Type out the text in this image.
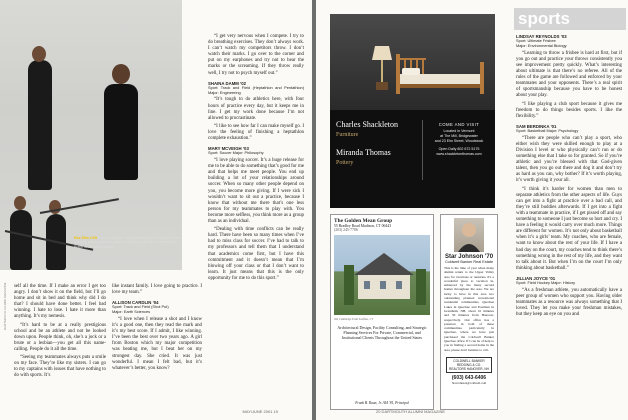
Rae Ellis Clift “I love my team,” says softball pitcher Sarah Damm (above), shown with star pitcher Allison Cardlin and rowers Jillian Butler and Sarah London.

self all the time. If I make an error I get too angry. I don’t show it on the field, but I’ll go home and sit in bed and think why did I do that? I should have done better. I feel bad winning. I hate to lose. I hate it more than anything. It’s my nemesis.

“It’s hard to be at a really prestigious school and be an athlete and not be looked down upon. People think, oh, she’s a jock or a brute or a lesbian—you get all this name-calling. People do it all the time.

“Seeing my teammates always puts a smile on my face. They’re like my sisters. I can go to my captains with issues that have nothing to do with sports. It’s

like instant family. I love going to practice. I love my team.”

ALLISON CARDLIN ’04
Sport: Track and Field (Shot Put)
Major: Earth Sciences

“I love when I release a shot and I know it’s a good one, then they read the mark and it’s my best score. If I admit, I like winning. I’ve been the best over two years ago. A girl from Boston which my major competition was beating me, but I beat her on my strongest day. She cried. It was just wonderful. I mean I felt bad, but it’s whatever’s better, you know?

“I get very nervous when I compete. I try to do breathing exercises. They don’t always work. I can’t watch my competitors throw. I don’t watch their marks. I go over to the corner and put on my earphones and try not to hear the marks or the screaming. If they throw really well, I try not to psych myself out.”

SHAINA DAMM ’02
Sport: Track and Field (Heptathlon and Pentathlon) Major: Engineering

“It’s tough to do athletics here, with four hours of practice every day, but it keeps me in line. I get my work done because I’m not allowed to procrastinate.

“I like to see how far I can make myself go. I love the feeling of finishing a heptathlon complete exhaustion.”

MARY MCVEIGH ’03
Sport: Soccer Major: Philosophy

“I love playing soccer. It’s a huge release for me to be able to do something that’s good for me and that helps me meet people. You end up building a lot of your relationships around soccer. When so many other people depend on you, you become more giving. If I were sick I wouldn’t want to sit out a practice, because I know that without me there that’s one less person for my teammates to play with. You become more selfless, you think more as a group than as an individual.

“Dealing with time conflicts can be really hard. There have been so many times when I’ve had to miss class for soccer. I’ve had to talk to my professors and tell them that I understand that academics come first, but I have this commitment and it doesn’t mean that I’m blowing off your class or that I don’t want to learn. It just means that this is the only opportunity for me to do this sport.”

DARTMOUTH ALUMNI MAGAZINE
MAY/JUNE 2001 19
sports
Charles Shackleton
Furniture
Miranda Thomas
Pottery
COME AND VISIT
Located in Vermont
at The Mill, Bridgewater
and 23 Elm Street, Woodstock
Open Daily 802 672 5175
www.shackletonthomas.com
The Golden Mean Group
55 Bradley Road Madison, CT 06443
(203) 245-7786
Old Cambridge Farm Sonffalo, CT
Architectural Design, Facility Consulting, and Strategic Planning Services For Private, Commercial, and Institutional Clients Throughout the United States
Frank B. Raun, Jr. AIA '81, Principal
Star Johnson '70
Coldwell Banker Real Estate
This is the time of year when many alumni return to the Upper Valley area for vacations or reunions. It's a wonderful place to vacation in, enhanced by the many second homes throughout the area. We are lucky to have in this area two outstanding planned recreational residential communities, Quechee Lakes in Quechee and Eastman in Grantham, NH, about 10 minutes and 30 minutes from Hanover, respectively. Our office has a presence in both of these communities, particularly in Quechee, where we have just purchased the Coldwell Banker Quechee office. If I can be of help to you in finding a second home in the area, please don't hesitate to call.
COLDWELL BANKER REDDING & CO. REALTORS HANOVER, NH
(603) 643-6406
Star.Johnson@coldwell.com
LINDSAY REYNOLDS ’03
Sport: Ultimate Frisbee
Major: Environmental Biology

“Learning to throw a frisbee is hard at first, but if you go out and practice your throws consistently you see improvement pretty quickly. What’s interesting about ultimate is that there’s no referee. All of the rules of the game are followed and enforced by your teammates and your opponents. There’s a real spirit of sportsmanship because you have to be honest about your play.

“I like playing a club sport because it gives me freedom to do things besides sports. I like the flexibility.”

SAM BERDINKA ’01
Sport: Basketball Major: Psychology

“There are people who can’t play a sport, who either wish they were skilled enough to play at a Division I level or who physically can’t run or do something else that I take so for granted. So if you’re athletic and you’re blessed with that God-given talent, then you go out there and dog it and don’t try as hard as you can, why bother? If it’s worth playing, it’s worth giving it your all.

“I think it’s harder for women than men to separate athletics from the other aspects of life. Guys can get into a fight at practice over a bad call, and they’re still buddies afterwards. If I get into a fight with a teammate in practice, if I get pissed off and say something to someone I just become so hurt and cry. I have a feeling it would carry over much more. Things are different for women. It’s not only about basketball when it’s a girls’ team. My coaches, who are female, want to know about the rest of your life. If I have a bad day on the court, my coaches tend to think there’s something wrong in the rest of my life, and they want to talk about it. But when I’m on the court I’m only thinking about basketball.”

JILLIAN JOYCE ’01
Sport: Field Hockey Major: History

“As a freshman athlete, you automatically have a peer group of women who support you. Having older teammates as a resource was always something that I loved. They let you make your freshman mistakes, but they keep an eye on you and

20 DARTMOUTH ALUMNI MAGAZINE
